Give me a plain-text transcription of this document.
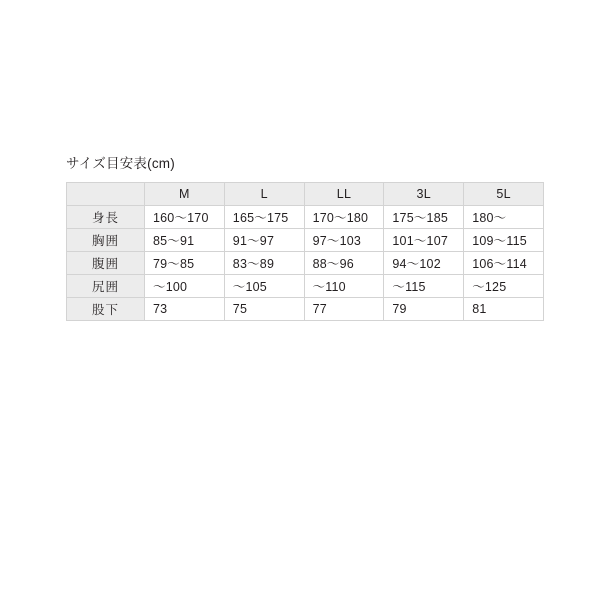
サイズ目安表(cm)
	M	L	LL	3L	5L
身長	160〜170	165〜175	170〜180	175〜185	180〜
胸囲	85〜91	91〜97	97〜103	101〜107	109〜115
腹囲	79〜85	83〜89	88〜96	94〜102	106〜114
尻囲	〜100	〜105	〜110	〜115	〜125
股下	73	75	77	79	81
